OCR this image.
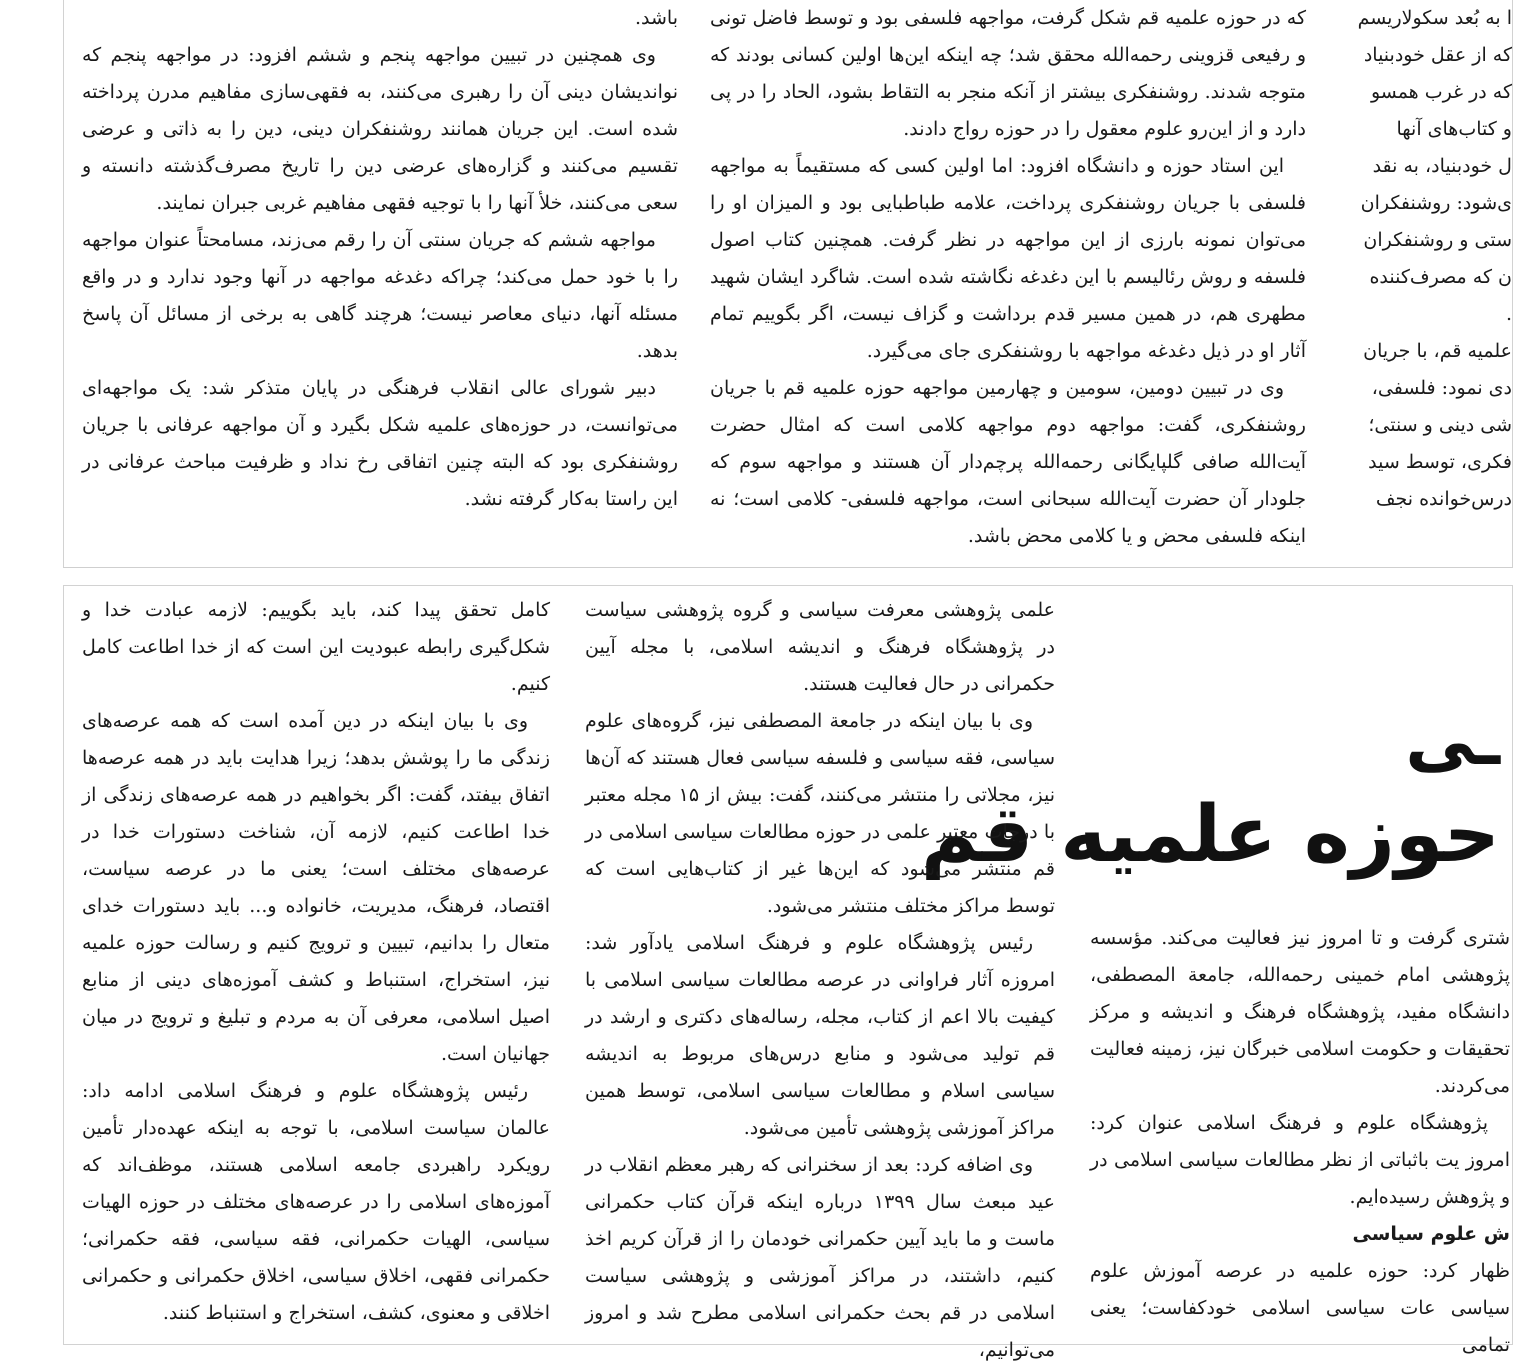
ا به بُعد سکولاریسم

که از عقل خودبنیاد

که در غرب همسو

و کتاب‌های آنها

ل خودبنیاد، به نقد

ی‌شود: روشنفکران

ستی و روشنفکران

ن که مصرف‌کننده

.

علمیه قم، با جریان

دی نمود: فلسفی،

شی دینی و سنتی؛

فکری، توسط سید

درس‌خوانده نجف

که در حوزه علمیه قم شکل گرفت، مواجهه فلسفی بود و توسط فاضل تونی و رفیعی قزوینی رحمه‌الله محقق شد؛ چه اینکه این‌ها اولین کسانی بودند که متوجه شدند. روشنفکری بیشتر از آنکه منجر به التقاط بشود، الحاد را در پی دارد و از این‌رو علوم معقول را در حوزه رواج دادند.

این استاد حوزه و دانشگاه افزود: اما اولین کسی که مستقیماً به مواجهه فلسفی با جریان روشنفکری پرداخت، علامه طباطبایی بود و المیزان او را می‌توان نمونه بارزی از این مواجهه در نظر گرفت. همچنین کتاب اصول فلسفه و روش رئالیسم با این دغدغه نگاشته شده است. شاگرد ایشان شهید مطهری هم، در همین مسیر قدم برداشت و گزاف نیست، اگر بگوییم تمام آثار او در ذیل دغدغه مواجهه با روشنفکری جای می‌گیرد.

وی در تبیین دومین، سومین و چهارمین مواجهه حوزه علمیه قم با جریان روشنفکری، گفت: مواجهه دوم مواجهه کلامی است که امثال حضرت آیت‌الله صافی گلپایگانی رحمه‌الله پرچم‌دار آن هستند و مواجهه سوم که جلودار آن حضرت آیت‌الله سبحانی است، مواجهه فلسفی- کلامی است؛ نه اینکه فلسفی محض و یا کلامی محض باشد.

باشد.

وی همچنین در تبیین مواجهه پنجم و ششم افزود: در مواجهه پنجم که نواندیشان دینی آن را رهبری می‌کنند، به فقهی‌سازی مفاهیم مدرن پرداخته شده است. این جریان همانند روشنفکران دینی، دین را به ذاتی و عرضی تقسیم می‌کنند و گزاره‌های عرضی دین را تاریخ مصرف‌گذشته دانسته و سعی می‌کنند، خلأ آنها را با توجیه فقهی مفاهیم غربی جبران نمایند.

مواجهه ششم که جریان سنتی آن را رقم می‌زند، مسامحتاً عنوان مواجهه را با خود حمل می‌کند؛ چراکه دغدغه مواجهه در آنها وجود ندارد و در واقع مسئله آنها، دنیای معاصر نیست؛ هرچند گاهی به برخی از مسائل آن پاسخ بدهد.

دبیر شورای عالی انقلاب فرهنگی در پایان متذکر شد: یک مواجهه‌ای می‌توانست، در حوزه‌های علمیه شکل بگیرد و آن مواجهه عرفانی با جریان روشنفکری بود که البته چنین اتفاقی رخ نداد و ظرفیت مباحث عرفانی در این راستا به‌کار گرفته نشد.

ـی
حوزه علمیه قم

شتری گرفت و تا امروز نیز فعالیت می‌کند. مؤسسه پژوهشی امام خمینی رحمه‌الله، جامعة المصطفی، دانشگاه مفید، پژوهشگاه فرهنگ و اندیشه و مرکز تحقیقات و حکومت اسلامی خبرگان نیز، زمینه فعالیت می‌کردند.

پژوهشگاه علوم و فرهنگ اسلامی عنوان کرد: امروز یت باثباتی از نظر مطالعات سیاسی اسلامی در و پژوهش رسیده‌ایم.

ش علوم سیاسی

ظهار کرد: حوزه علمیه در عرصه آموزش علوم سیاسی عات سیاسی اسلامی خودکفاست؛ یعنی تمامی

علمی پژوهشی معرفت سیاسی و گروه پژوهشی سیاست در پژوهشگاه فرهنگ و اندیشه اسلامی، با مجله آیین حکمرانی در حال فعالیت هستند.

وی با بیان اینکه در جامعة المصطفی نیز، گروه‌های علوم سیاسی، فقه سیاسی و فلسفه سیاسی فعال هستند که آن‌ها نیز، مجلاتی را منتشر می‌کنند، گفت: بیش از ۱۵ مجله معتبر با درجات معتبر علمی در حوزه مطالعات سیاسی اسلامی در قم منتشر می‌شود که این‌ها غیر از کتاب‌هایی است که توسط مراکز مختلف منتشر می‌شود.

رئیس پژوهشگاه علوم و فرهنگ اسلامی یادآور شد: امروزه آثار فراوانی در عرصه مطالعات سیاسی اسلامی با کیفیت بالا اعم از کتاب، مجله، رساله‌های دکتری و ارشد در قم تولید می‌شود و منابع درس‌های مربوط به اندیشه سیاسی اسلام و مطالعات سیاسی اسلامی، توسط همین مراکز آموزشی پژوهشی تأمین می‌شود.

وی اضافه کرد: بعد از سخنرانی که رهبر معظم انقلاب در عید مبعث سال ۱۳۹۹ درباره اینکه قرآن کتاب حکمرانی ماست و ما باید آیین حکمرانی خودمان را از قرآن کریم اخذ کنیم، داشتند، در مراکز آموزشی و پژوهشی سیاست اسلامی در قم بحث حکمرانی اسلامی مطرح شد و امروز می‌توانیم،

کامل تحقق پیدا کند، باید بگوییم: لازمه عبادت خدا و شکل‌گیری رابطه عبودیت این است که از خدا اطاعت کامل کنیم.

وی با بیان اینکه در دین آمده است که همه عرصه‌های زندگی ما را پوشش بدهد؛ زیرا هدایت باید در همه عرصه‌ها اتفاق بیفتد، گفت: اگر بخواهیم در همه عرصه‌های زندگی از خدا اطاعت کنیم، لازمه آن، شناخت دستورات خدا در عرصه‌های مختلف است؛ یعنی ما در عرصه سیاست، اقتصاد، فرهنگ، مدیریت، خانواده و... باید دستورات خدای متعال را بدانیم، تبیین و ترویج کنیم و رسالت حوزه علمیه نیز، استخراج، استنباط و کشف آموزه‌های دینی از منابع اصیل اسلامی، معرفی آن به مردم و تبلیغ و ترویج در میان جهانیان است.

رئیس پژوهشگاه علوم و فرهنگ اسلامی ادامه داد: عالمان سیاست اسلامی، با توجه به اینکه عهده‌دار تأمین رویکرد راهبردی جامعه اسلامی هستند، موظف‌اند که آموزه‌های اسلامی را در عرصه‌های مختلف در حوزه الهیات سیاسی، الهیات حکمرانی، فقه سیاسی، فقه حکمرانی؛ حکمرانی فقهی، اخلاق سیاسی، اخلاق حکمرانی و حکمرانی اخلاقی و معنوی، کشف، استخراج و استنباط کنند.
